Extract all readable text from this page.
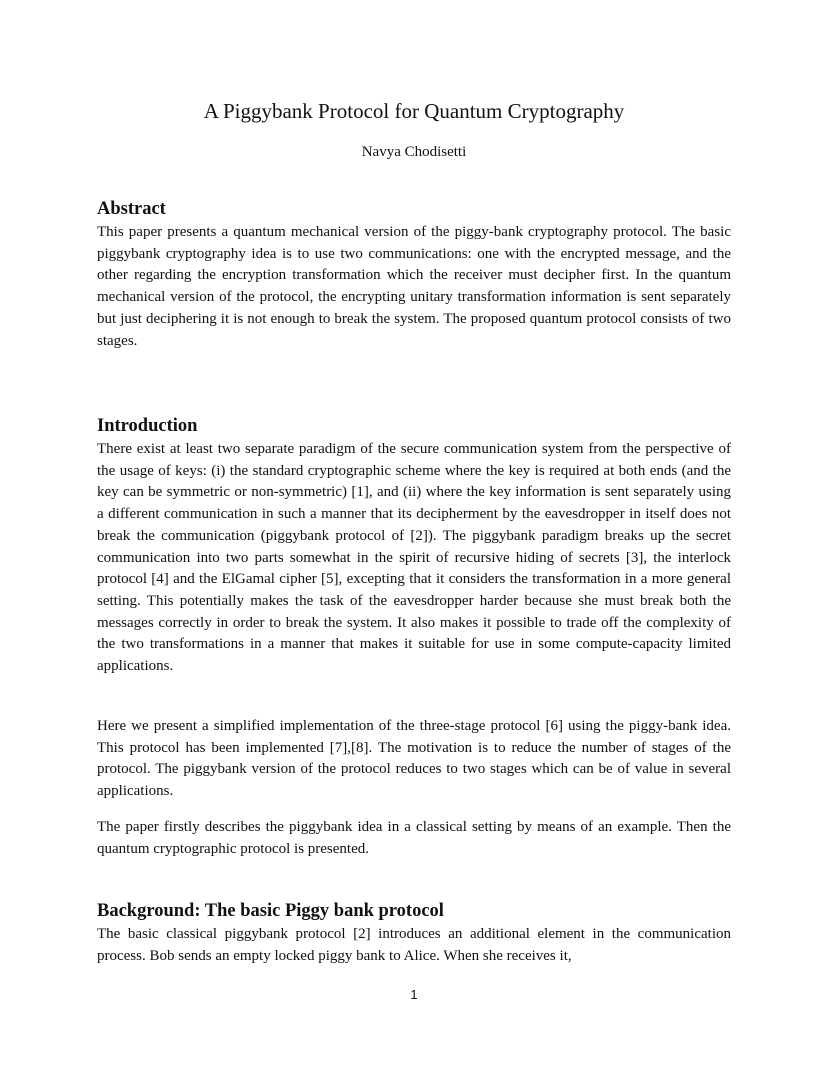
A Piggybank Protocol for Quantum Cryptography
Navya Chodisetti
Abstract

This paper presents a quantum mechanical version of the piggy-bank cryptography protocol. The basic piggybank cryptography idea is to use two communications: one with the encrypted message, and the other regarding the encryption transformation which the receiver must decipher first. In the quantum mechanical version of the protocol, the encrypting unitary transformation information is sent separately but just deciphering it is not enough to break the system. The proposed quantum protocol consists of two stages.

Introduction

There exist at least two separate paradigm of the secure communication system from the perspective of the usage of keys: (i) the standard cryptographic scheme where the key is required at both ends (and the key can be symmetric or non-symmetric) [1], and (ii) where the key information is sent separately using a different communication in such a manner that its decipherment by the eavesdropper in itself does not break the communication (piggybank protocol of [2]). The piggybank paradigm breaks up the secret communication into two parts somewhat in the spirit of recursive hiding of secrets [3], the interlock protocol [4] and the ElGamal cipher [5], excepting that it considers the transformation in a more general setting. This potentially makes the task of the eavesdropper harder because she must break both the messages correctly in order to break the system. It also makes it possible to trade off the complexity of the two transformations in a manner that makes it suitable for use in some compute-capacity limited applications.

Here we present a simplified implementation of the three-stage protocol [6] using the piggy-bank idea. This protocol has been implemented [7],[8]. The motivation is to reduce the number of stages of the protocol. The piggybank version of the protocol reduces to two stages which can be of value in several applications.

The paper firstly describes the piggybank idea in a classical setting by means of an example. Then the quantum cryptographic protocol is presented.

Background: The basic Piggy bank protocol

The basic classical piggybank protocol [2] introduces an additional element in the communication process. Bob sends an empty locked piggy bank to Alice. When she receives it,

1
